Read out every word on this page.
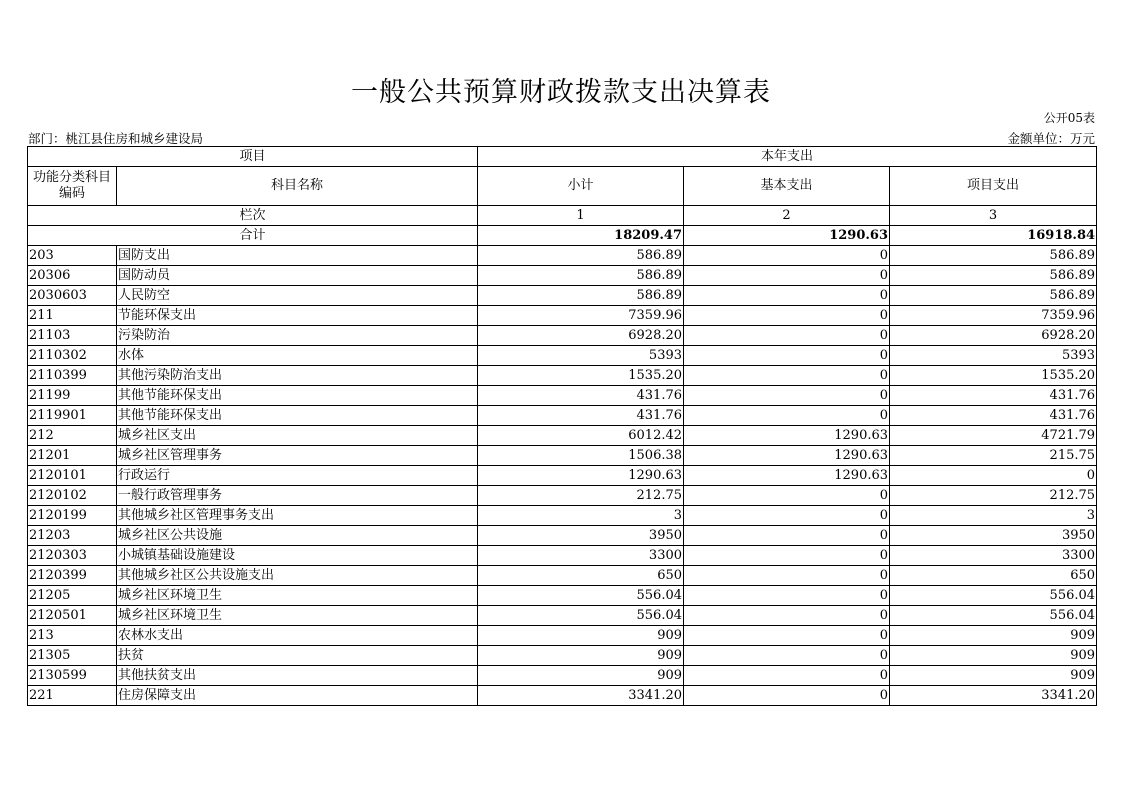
一般公共预算财政拨款支出决算表
公开05表
部门：桃江县住房和城乡建设局	金额单位：万元
项目		本年支出		
功能分类科目编码	科目名称	小计	基本支出	项目支出
栏次		1	2	3
合计		18209.47	1290.63	16918.84
203	国防支出	586.89	0	586.89
20306	国防动员	586.89	0	586.89
2030603	人民防空	586.89	0	586.89
211	节能环保支出	7359.96	0	7359.96
21103	污染防治	6928.20	0	6928.20
2110302	水体	5393	0	5393
2110399	其他污染防治支出	1535.20	0	1535.20
21199	其他节能环保支出	431.76	0	431.76
2119901	其他节能环保支出	431.76	0	431.76
212	城乡社区支出	6012.42	1290.63	4721.79
21201	城乡社区管理事务	1506.38	1290.63	215.75
2120101	行政运行	1290.63	1290.63	0
2120102	一般行政管理事务	212.75	0	212.75
2120199	其他城乡社区管理事务支出	3	0	3
21203	城乡社区公共设施	3950	0	3950
2120303	小城镇基础设施建设	3300	0	3300
2120399	其他城乡社区公共设施支出	650	0	650
21205	城乡社区环境卫生	556.04	0	556.04
2120501	城乡社区环境卫生	556.04	0	556.04
213	农林水支出	909	0	909
21305	扶贫	909	0	909
2130599	其他扶贫支出	909	0	909
221	住房保障支出	3341.20	0	3341.20
